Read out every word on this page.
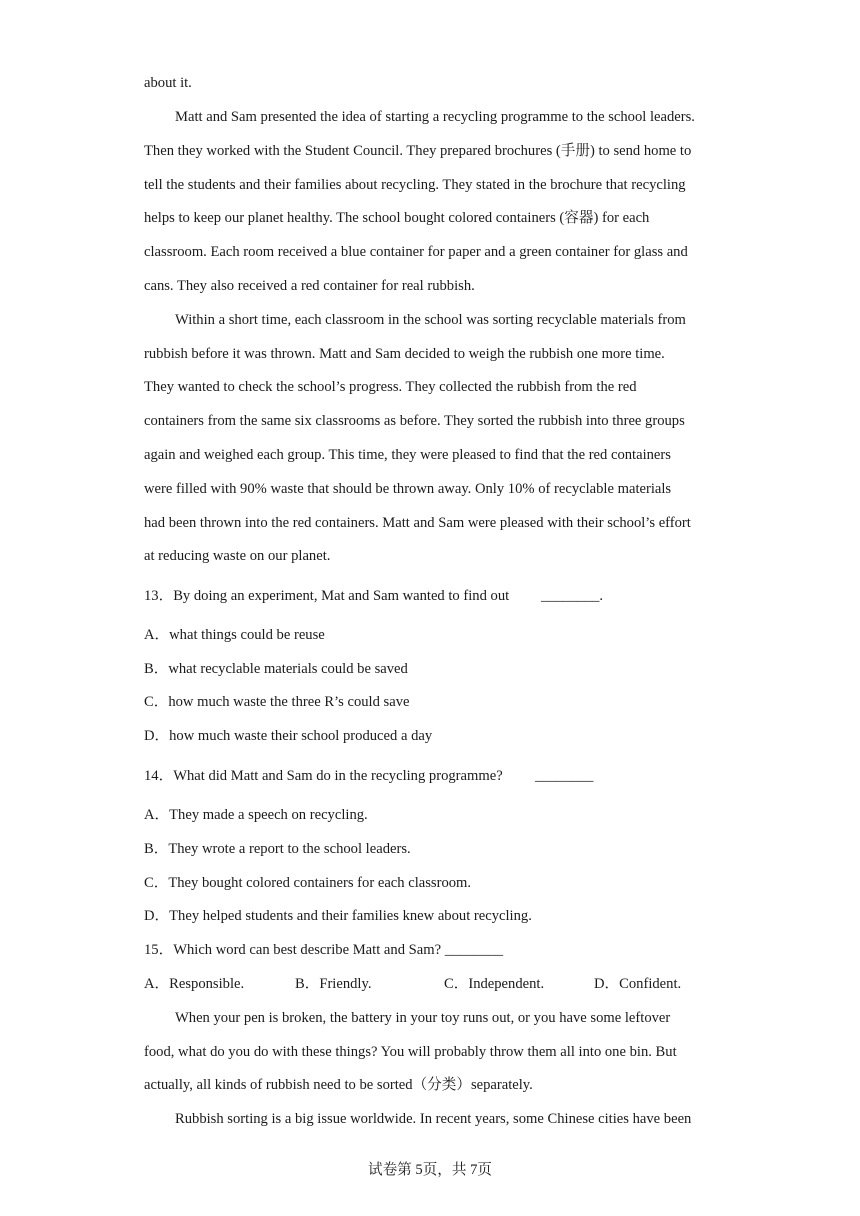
about it.
Matt and Sam presented the idea of starting a recycling programme to the school leaders.
Then they worked with the Student Council. They prepared brochures (手册) to send home to
tell the students and their families about recycling. They stated in the brochure that recycling
helps to keep our planet healthy. The school bought colored containers (容器) for each
classroom. Each room received a blue container for paper and a green container for glass and
cans. They also received a red container for real rubbish.
Within a short time, each classroom in the school was sorting recyclable materials from
rubbish before it was thrown. Matt and Sam decided to weigh the rubbish one more time.
They wanted to check the school’s progress. They collected the rubbish from the red
containers from the same six classrooms as before. They sorted the rubbish into three groups
again and weighed each group. This time, they were pleased to find that the red containers
were filled with 90% waste that should be thrown away. Only 10% of recyclable materials
had been thrown into the red containers. Matt and Sam were pleased with their school’s effort
at reducing waste on our planet.
13．By doing an experiment, Mat and Sam wanted to find out ________.
A．what things could be reuse
B．what recyclable materials could be saved
C．how much waste the three R’s could save
D．how much waste their school produced a day
14．What did Matt and Sam do in the recycling programme? ________
A．They made a speech on recycling.
B．They wrote a report to the school leaders.
C．They bought colored containers for each classroom.
D．They helped students and their families knew about recycling.
15．Which word can best describe Matt and Sam? ________
A．Responsible.	B．Friendly.	C．Independent.	D．Confident.
When your pen is broken, the battery in your toy runs out, or you have some leftover
food, what do you do with these things? You will probably throw them all into one bin. But
actually, all kinds of rubbish need to be sorted（分类）separately.
Rubbish sorting is a big issue worldwide. In recent years, some Chinese cities have been
试卷第 5页，共 7页
